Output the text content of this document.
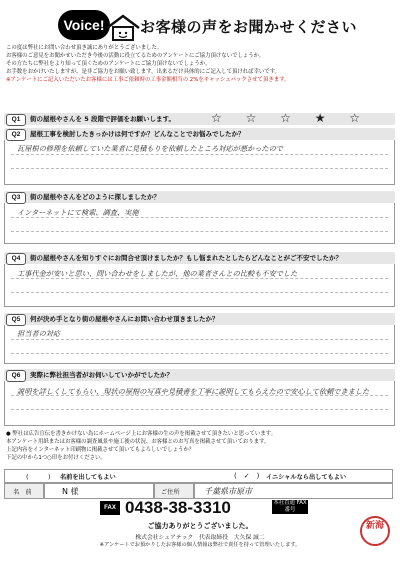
Voice!	お客様の声をお聞かせください
この度は弊社にお問い合わせ頂き誠にありがとうございました。
お客様のご意見をお聞かせいただき今後の活動に役立てるためのアンケートにご協力頂けないでしょうか。
その方たちに弊社をより知って頂くためのアンケートにご協力頂けないでしょうか。
お手数をおかけいたしますが、是非ご協力をお願い致します。出来るだけ具体的にご記入して頂ければ幸いです。
※アンケートにご記入いただいたお客様には工事ご依頼時の工事金額相当の 2%をキャッシュバックさせて頂きます。
Q1	街の屋根やさんを 5 段階で評価をお願いします。	☆ ☆ ☆ ★ ☆
Q2	屋根工事を検討したきっかけは何ですか？どんなことでお悩みでしたか？
瓦屋根の修理を依頼していた業者に見積もりを依頼したところ対応が悪かったので
Q3	街の屋根やさんをどのように探しましたか？
インターネットにて検索、調査、実施
Q4	街の屋根やさんを知りすぐにお問合せ頂けましたか？もし悩まれたとしたらどんなことがご不安でしたか？
工事代金が安いと思い、問い合わせをしましたが、他の業者さんとの比較も不安でした
Q5	何が決め手となり街の屋根やさんにお問い合わせ頂きましたか？
担当者の対応
Q6	実際に弊社担当者がお伺いしていかがでしたか？
説明を詳しくしてもらい、現状の屋根の写真や見積書を丁寧に説明してもらえたので安心して依頼できました
● 弊社は広告宣伝を書きかけない為にホームページ上にお客様の生の声を掲載させて頂きたいと思っています。
本アンケート用紙またはお客様の調査風景や施工後の状況、お客様とのお写真を掲載させて頂いております。
上記内容をインターネット印刷物に掲載させて頂いてもよろしいでしょうか？
下記の中から1つ○印をお付けください。
(　　　) 名前を出してもよい	(　✓　) イニシャルなら出してもよい
名　前	N 様	ご住所	千葉県市原市
FAX 0438-38-3310	本社直通 FAX番号
ご協力ありがとうございました。
株式会社シェアテック　代表取締役　大久保 誠二
※アンケートでお預かりしたお客様の個人情報は弊社で責任を持って管理いたします。
新海
